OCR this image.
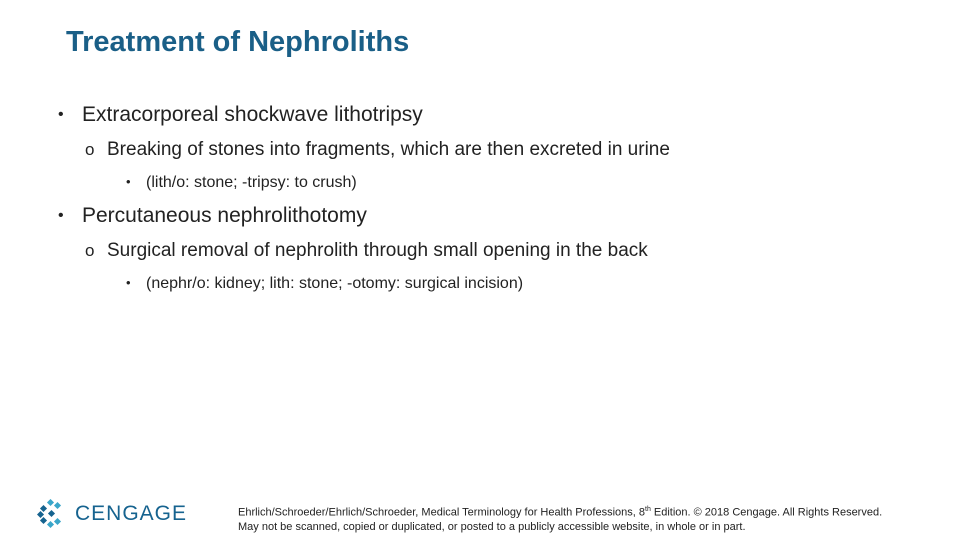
Treatment of Nephroliths
• Extracorporeal shockwave lithotripsy
o Breaking of stones into fragments, which are then excreted in urine
• (lith/o: stone; -tripsy: to crush)
• Percutaneous nephrolithotomy
o Surgical removal of nephrolith through small opening in the back
• (nephr/o: kidney; lith: stone; -otomy: surgical incision)
CENGAGE	Ehrlich/Schroeder/Ehrlich/Schroeder, Medical Terminology for Health Professions, 8th Edition. © 2018 Cengage. All Rights Reserved.
May not be scanned, copied or duplicated, or posted to a publicly accessible website, in whole or in part.
